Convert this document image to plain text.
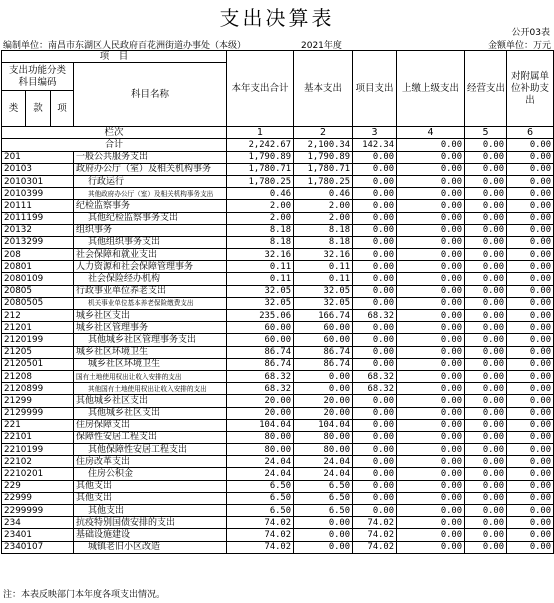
支出决算表
公开03表
编制单位：南昌市东湖区人民政府百花洲街道办事处（本级）	2021年度	金额单位：万元
项　目				本年支出合计	基本支出	项目支出	上缴上级支出	经营支出	对附属单位补助支出
支出功能分类
科目编码			科目名称						
类	款	项							
栏次				1	2	3	4	5	6
合计				2,242.67	2,100.34	142.34	0.00	0.00	0.00
201			一般公共服务支出	1,790.89	1,790.89	0.00	0.00	0.00	0.00
20103			政府办公厅（室）及相关机构事务	1,780.71	1,780.71	0.00	0.00	0.00	0.00
2010301			行政运行	1,780.25	1,780.25	0.00	0.00	0.00	0.00
2010399			其他政府办公厅（室）及相关机构事务支出	0.46	0.46	0.00	0.00	0.00	0.00
20111			纪检监察事务	2.00	2.00	0.00	0.00	0.00	0.00
2011199			其他纪检监察事务支出	2.00	2.00	0.00	0.00	0.00	0.00
20132			组织事务	8.18	8.18	0.00	0.00	0.00	0.00
2013299			其他组织事务支出	8.18	8.18	0.00	0.00	0.00	0.00
208			社会保障和就业支出	32.16	32.16	0.00	0.00	0.00	0.00
20801			人力资源和社会保障管理事务	0.11	0.11	0.00	0.00	0.00	0.00
2080109			社会保险经办机构	0.11	0.11	0.00	0.00	0.00	0.00
20805			行政事业单位养老支出	32.05	32.05	0.00	0.00	0.00	0.00
2080505			机关事业单位基本养老保险缴费支出	32.05	32.05	0.00	0.00	0.00	0.00
212			城乡社区支出	235.06	166.74	68.32	0.00	0.00	0.00
21201			城乡社区管理事务	60.00	60.00	0.00	0.00	0.00	0.00
2120199			其他城乡社区管理事务支出	60.00	60.00	0.00	0.00	0.00	0.00
21205			城乡社区环境卫生	86.74	86.74	0.00	0.00	0.00	0.00
2120501			城乡社区环境卫生	86.74	86.74	0.00	0.00	0.00	0.00
21208			国有土地使用权出让收入安排的支出	68.32	0.00	68.32	0.00	0.00	0.00
2120899			其他国有土地使用权出让收入安排的支出	68.32	0.00	68.32	0.00	0.00	0.00
21299			其他城乡社区支出	20.00	20.00	0.00	0.00	0.00	0.00
2129999			其他城乡社区支出	20.00	20.00	0.00	0.00	0.00	0.00
221			住房保障支出	104.04	104.04	0.00	0.00	0.00	0.00
22101			保障性安居工程支出	80.00	80.00	0.00	0.00	0.00	0.00
2210199			其他保障性安居工程支出	80.00	80.00	0.00	0.00	0.00	0.00
22102			住房改革支出	24.04	24.04	0.00	0.00	0.00	0.00
2210201			住房公积金	24.04	24.04	0.00	0.00	0.00	0.00
229			其他支出	6.50	6.50	0.00	0.00	0.00	0.00
22999			其他支出	6.50	6.50	0.00	0.00	0.00	0.00
2299999			其他支出	6.50	6.50	0.00	0.00	0.00	0.00
234			抗疫特别国债安排的支出	74.02	0.00	74.02	0.00	0.00	0.00
23401			基础设施建设	74.02	0.00	74.02	0.00	0.00	0.00
2340107			城镇老旧小区改造	74.02	0.00	74.02	0.00	0.00	0.00
注：本表反映部门本年度各项支出情况。
